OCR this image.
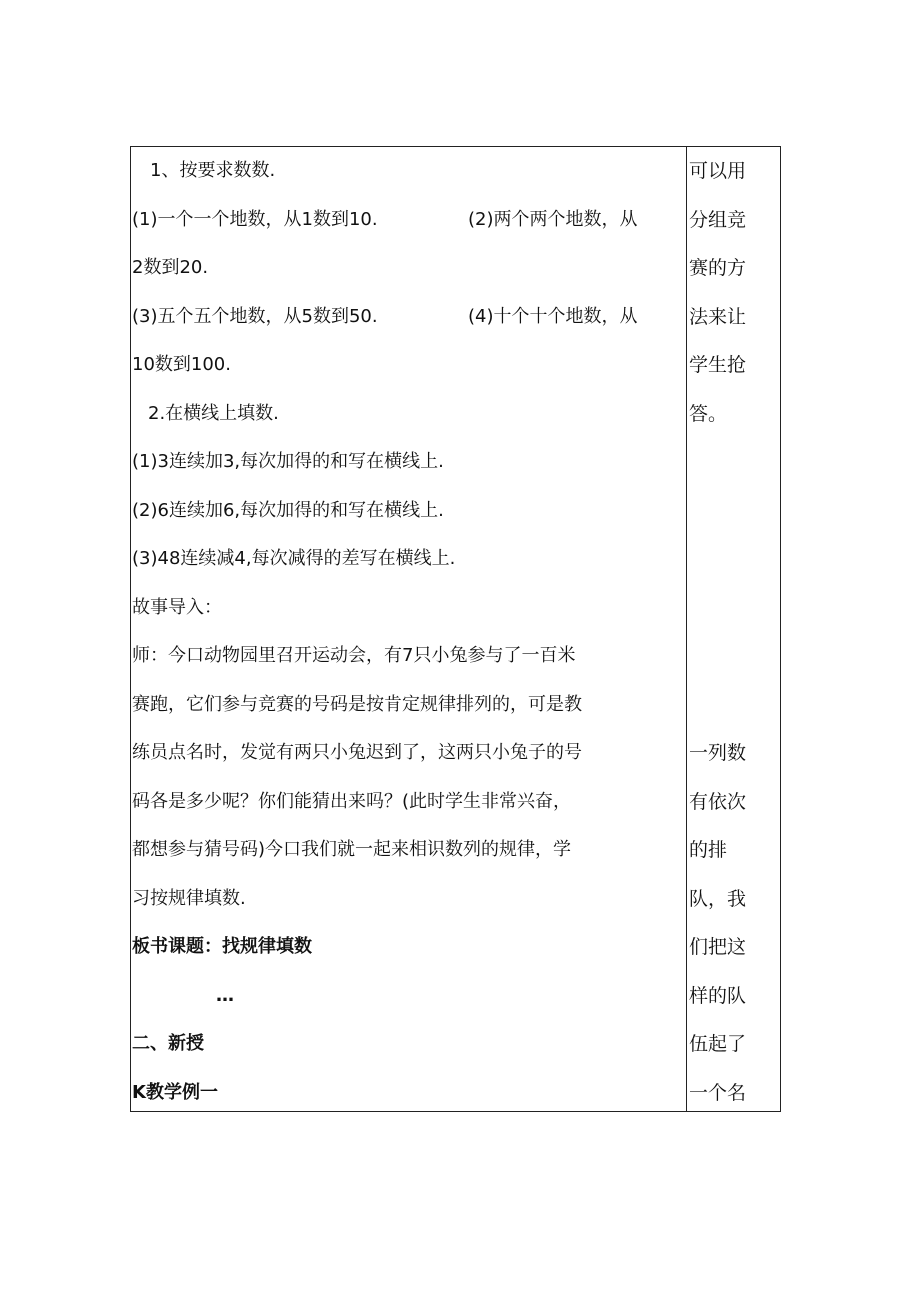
1、按要求数数.
(1)一个一个地数，从1数到10.
2数到20.
(3)五个五个地数，从5数到50.
10数到100.
2.在横线上填数.
(1)3连续加3,每次加得的和写在横线上.
(2)6连续加6,每次加得的和写在横线上.
(3)48连续减4,每次减得的差写在横线上.
故事导入：
师：今口动物园里召开运动会，有7只小兔参与了一百米
赛跑，它们参与竞赛的号码是按肯定规律排列的，可是教
练员点名时，发觉有两只小兔迟到了，这两只小兔子的号
码各是多少呢？你们能猜出来吗？(此时学生非常兴奋，
都想参与猜号码)今口我们就一起来相识数列的规律，学
习按规律填数.
板书课题：找规律填数
…
二、新授
K教学例一
(2)两个两个地数，从
(4)十个十个地数，从
可以用
分组竞
赛的方
法来让
学生抢
答。
一列数
有依次
的排
队，我
们把这
样的队
伍起了
一个名
